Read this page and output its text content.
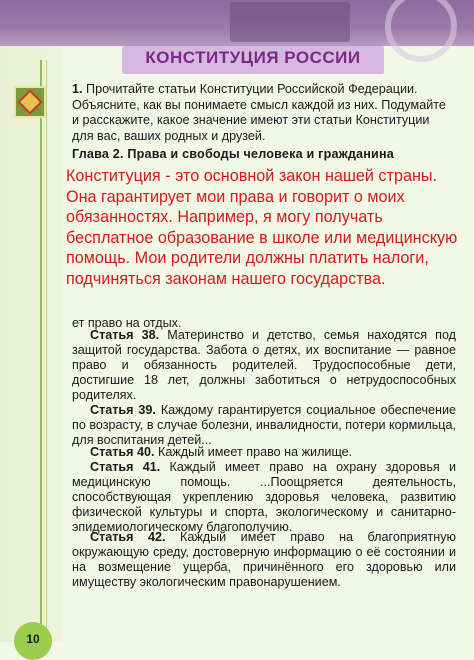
КОНСТИТУЦИЯ РОССИИ
1. Прочитайте статьи Конституции Российской Федерации. Объясните, как вы понимаете смысл каждой из них. Подумайте и расскажите, какое значение имеют эти статьи Конституции для вас, ваших родных и друзей.
Глава 2. Права и свободы человека и гражданина
Конституция - это основной закон нашей страны. Она гарантирует мои права и говорит о моих обязанностях. Например, я могу получать бесплатное образование в школе или медицинскую помощь. Мои родители должны платить налоги, подчиняться законам нашего государства.
ет право на отдых.
Статья 38. Материнство и детство, семья находятся под защитой государства. Забота о детях, их воспитание — равное право и обязанность родителей. Трудоспособные дети, достигшие 18 лет, должны заботиться о нетрудоспособных родителях.
Статья 39. Каждому гарантируется социальное обеспечение по возрасту, в случае болезни, инвалидности, потери кормильца, для воспитания детей...
Статья 40. Каждый имеет право на жилище.
Статья 41. Каждый имеет право на охрану здоровья и медицинскую помощь. ...Поощряется деятельность, способствующая укреплению здоровья человека, развитию физической культуры и спорта, экологическому и санитарно-эпидемиологическому благополучию.
Статья 42. Каждый имеет право на благоприятную окружающую среду, достоверную информацию о её состоянии и на возмещение ущерба, причинённого его здоровью или имуществу экологическим правонарушением.
10
